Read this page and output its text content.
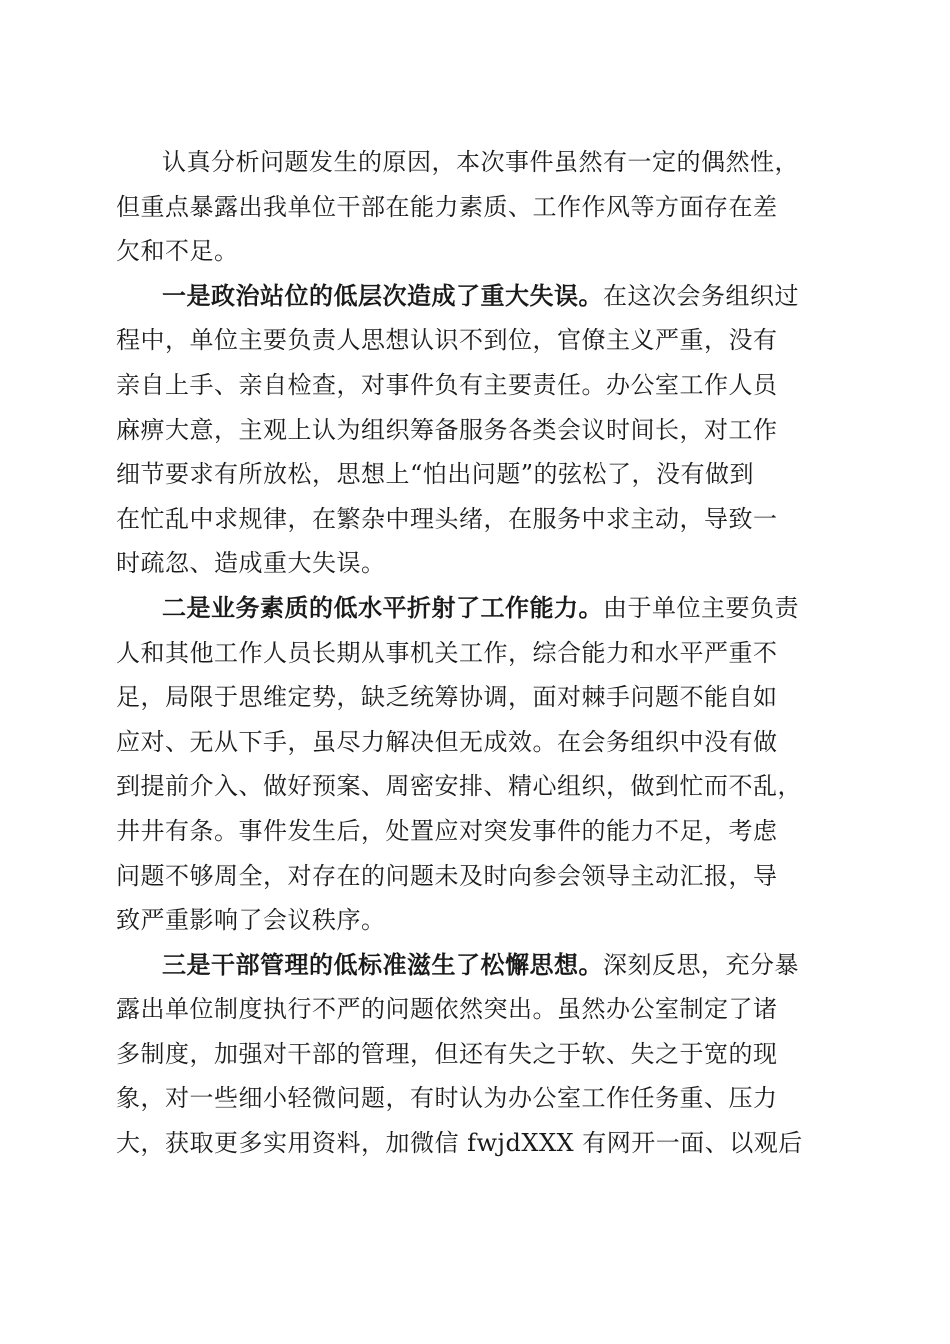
认真分析问题发生的原因，本次事件虽然有一定的偶然性，
但重点暴露出我单位干部在能力素质、工作作风等方面存在差
欠和不足。
一是政治站位的低层次造成了重大失误。在这次会务组织过
程中，单位主要负责人思想认识不到位，官僚主义严重，没有
亲自上手、亲自检查，对事件负有主要责任。办公室工作人员
麻痹大意，主观上认为组织筹备服务各类会议时间长，对工作
细节要求有所放松，思想上“怕出问题”的弦松了，没有做到
在忙乱中求规律，在繁杂中理头绪，在服务中求主动，导致一
时疏忽、造成重大失误。
二是业务素质的低水平折射了工作能力。由于单位主要负责
人和其他工作人员长期从事机关工作，综合能力和水平严重不
足，局限于思维定势，缺乏统筹协调，面对棘手问题不能自如
应对、无从下手，虽尽力解决但无成效。在会务组织中没有做
到提前介入、做好预案、周密安排、精心组织，做到忙而不乱，
井井有条。事件发生后，处置应对突发事件的能力不足，考虑
问题不够周全，对存在的问题未及时向参会领导主动汇报，导
致严重影响了会议秩序。
三是干部管理的低标准滋生了松懈思想。深刻反思，充分暴
露出单位制度执行不严的问题依然突出。虽然办公室制定了诸
多制度，加强对干部的管理，但还有失之于软、失之于宽的现
象，对一些细小轻微问题，有时认为办公室工作任务重、压力
大，获取更多实用资料，加微信 fwjdXXX 有网开一面、以观后
